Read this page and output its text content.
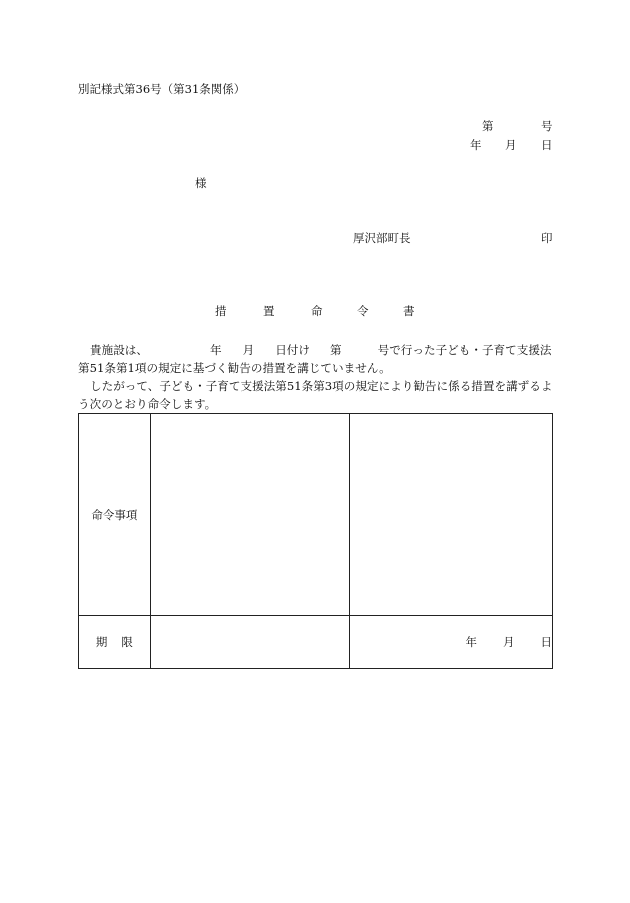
別記様式第36号（第31条関係）
第	号
年 月 日
様
厚沢部町長	印
措	置	命	令	書
貴施設は、	年 月 日付け 第	号で行った子ども・子育て支援法
第51条第1項の規定に基づく勧告の措置を講じていません。
したがって、子ども・子育て支援法第51条第3項の規定により勧告に係る措置を講ずるよ
う次のとおり命令します。
命令事項		
期 限		年 月 日
